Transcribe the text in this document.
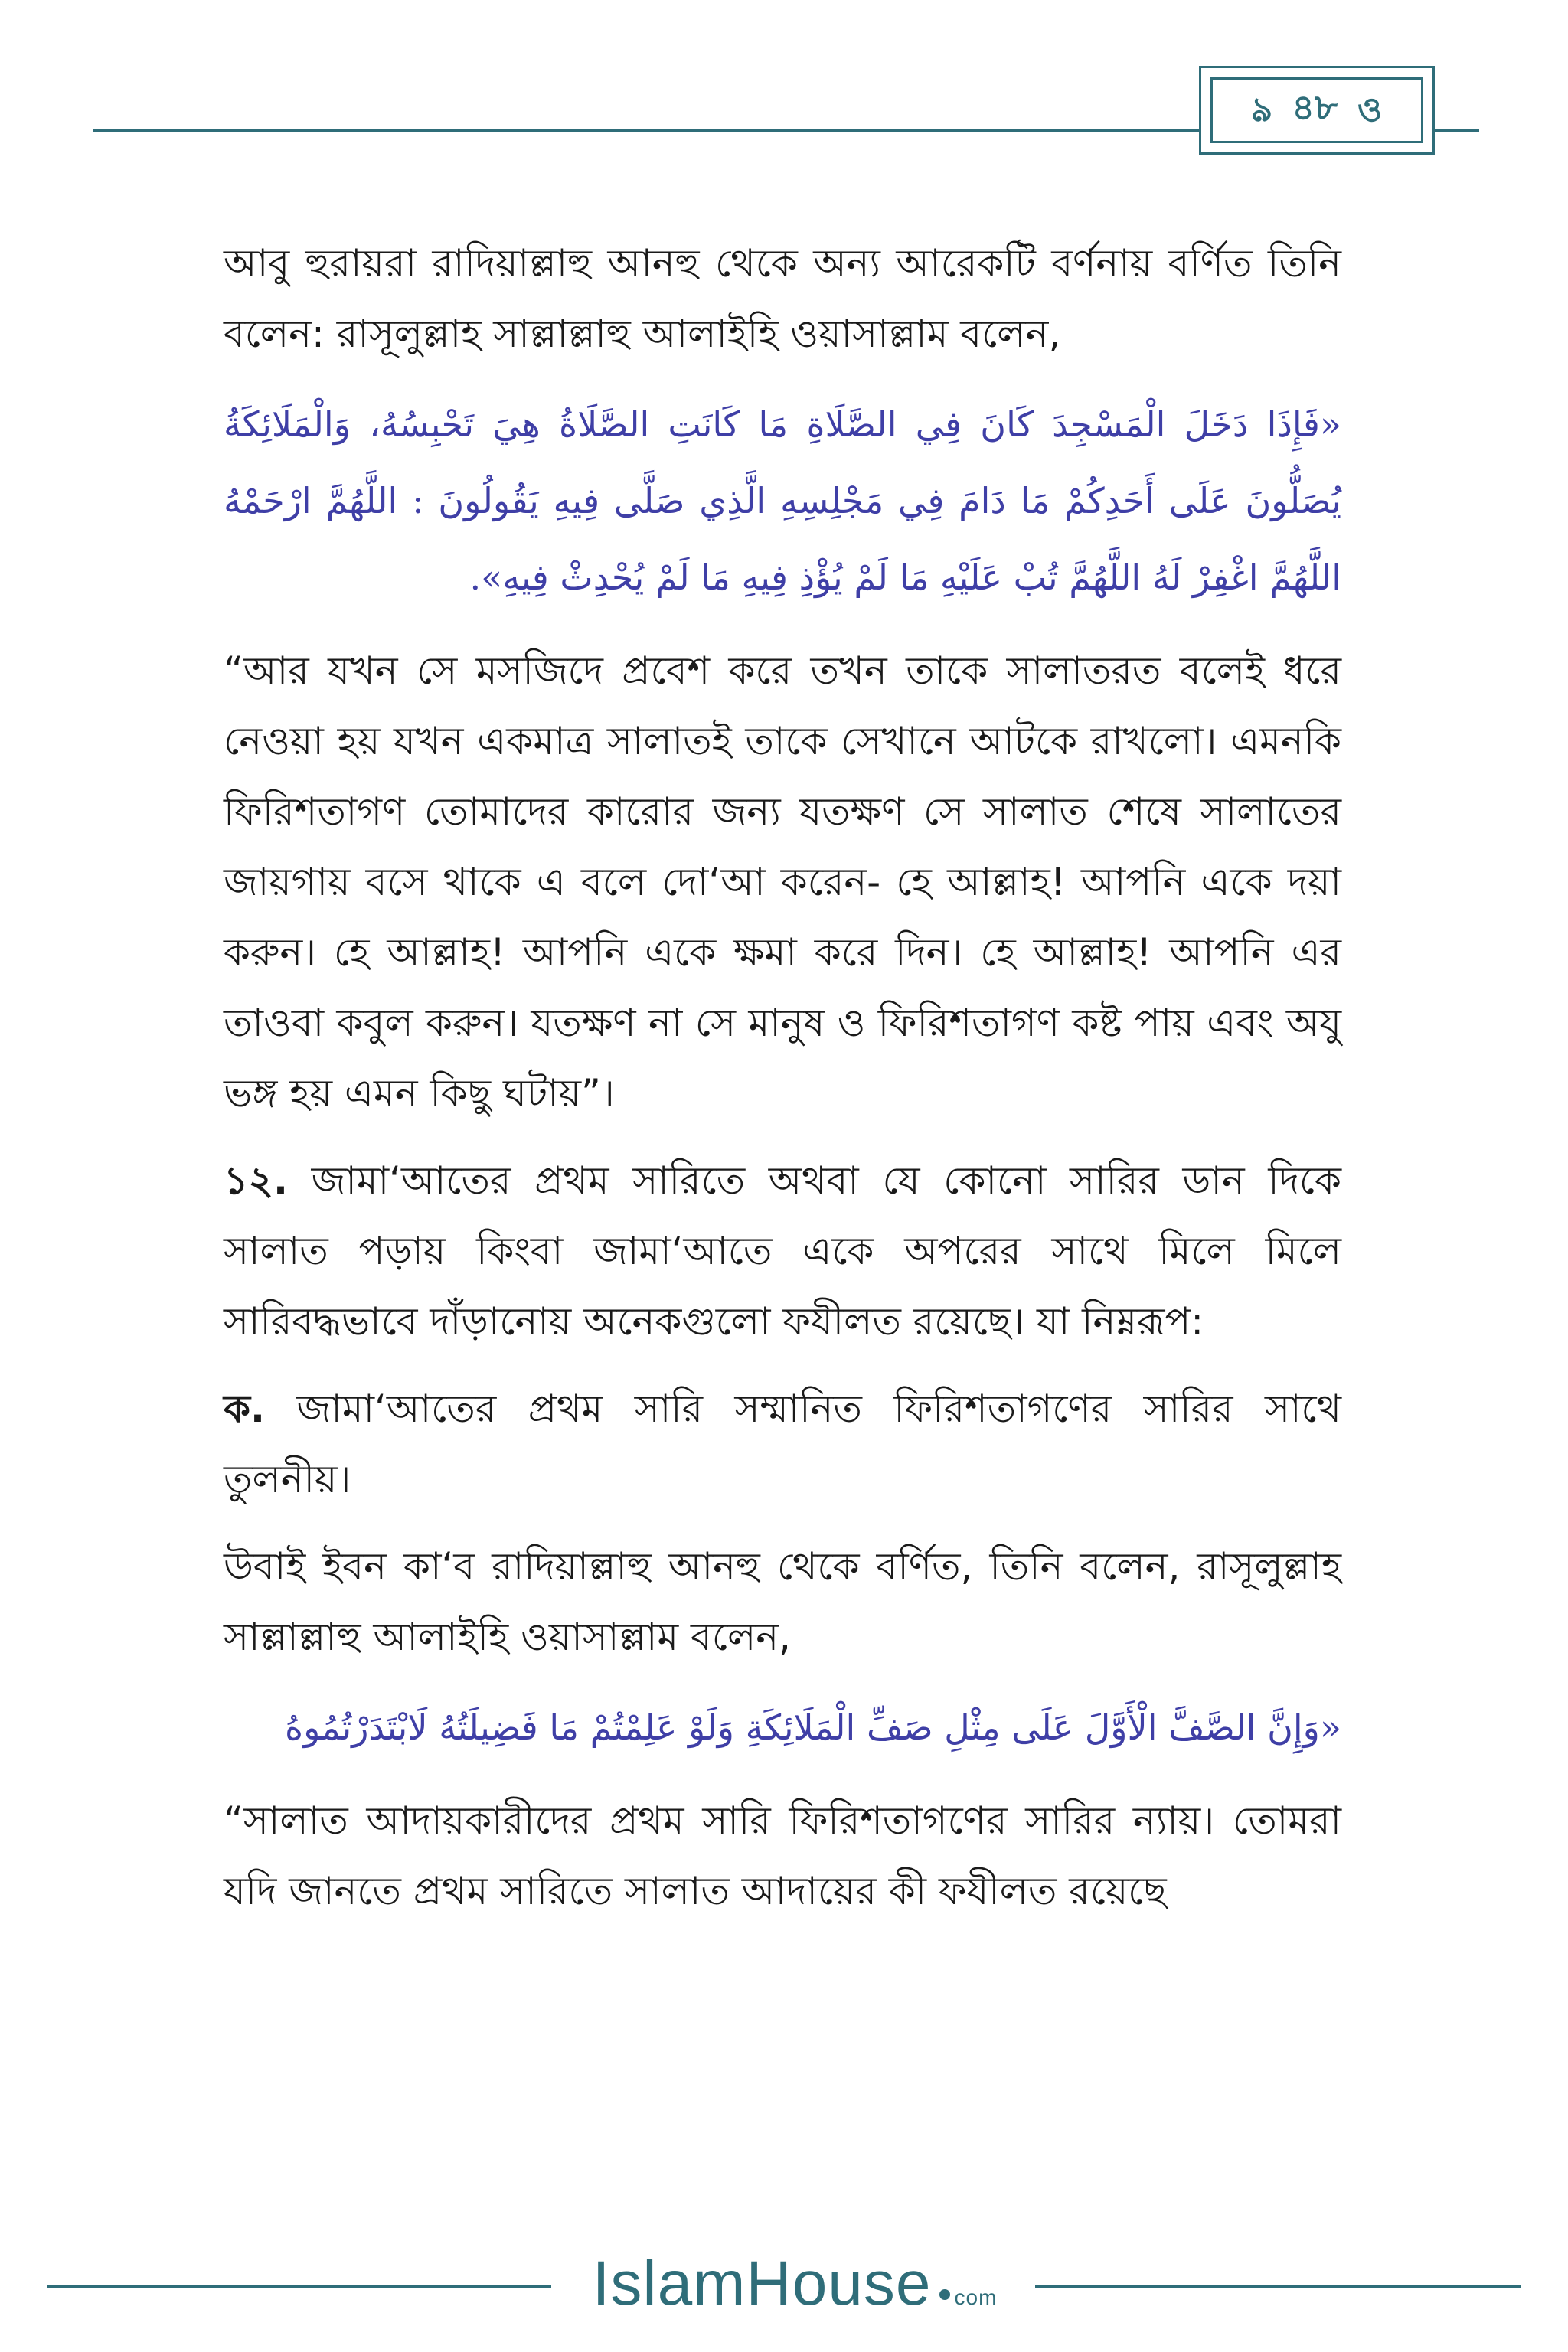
ঌ ৪৮ ও

আবু হুরায়রা রাদিয়াল্লাহু আনহু থেকে অন্য আরেকটি বর্ণনায় বর্ণিত তিনি বলেন: রাসূলুল্লাহ সাল্লাল্লাহু আলাইহি ওয়াসাল্লাম বলেন,

«فَإِذَا دَخَلَ الْمَسْجِدَ كَانَ فِي الصَّلَاةِ مَا كَانَتِ الصَّلَاةُ هِيَ تَحْبِسُهُ، وَالْمَلَائِكَةُ يُصَلُّونَ عَلَى أَحَدِكُمْ مَا دَامَ فِي مَجْلِسِهِ الَّذِي صَلَّى فِيهِ يَقُولُونَ : اللَّهُمَّ ارْحَمْهُ اللَّهُمَّ اغْفِرْ لَهُ اللَّهُمَّ تُبْ عَلَيْهِ مَا لَمْ يُؤْذِ فِيهِ مَا لَمْ يُحْدِثْ فِيهِ».

“আর যখন সে মসজিদে প্রবেশ করে তখন তাকে সালাতরত বলেই ধরে নেওয়া হয় যখন একমাত্র সালাতই তাকে সেখানে আটকে রাখলো। এমনকি ফিরিশতাগণ তোমাদের কারোর জন্য যতক্ষণ সে সালাত শেষে সালাতের জায়গায় বসে থাকে এ বলে দো‘আ করেন- হে আল্লাহ! আপনি একে দয়া করুন। হে আল্লাহ! আপনি একে ক্ষমা করে দিন। হে আল্লাহ! আপনি এর তাওবা কবুল করুন। যতক্ষণ না সে মানুষ ও ফিরিশতাগণ কষ্ট পায় এবং অযু ভঙ্গ হয় এমন কিছু ঘটায়”।

১২. জামা‘আতের প্রথম সারিতে অথবা যে কোনো সারির ডান দিকে সালাত পড়ায় কিংবা জামা‘আতে একে অপরের সাথে মিলে মিলে সারিবদ্ধভাবে দাঁড়ানোয় অনেকগুলো ফযীলত রয়েছে। যা নিম্নরূপ:

ক. জামা‘আতের প্রথম সারি সম্মানিত ফিরিশতাগণের সারির সাথে তুলনীয়।

উবাই ইবন কা‘ব রাদিয়াল্লাহু আনহু থেকে বর্ণিত, তিনি বলেন, রাসূলুল্লাহ সাল্লাল্লাহু আলাইহি ওয়াসাল্লাম বলেন,

«وَإِنَّ الصَّفَّ الْأَوَّلَ عَلَى مِثْلِ صَفِّ الْمَلَائِكَةِ وَلَوْ عَلِمْتُمْ مَا فَضِيلَتُهُ لَابْتَدَرْتُمُوهُ

“সালাত আদায়কারীদের প্রথম সারি ফিরিশতাগণের সারির ন্যায়। তোমরা যদি জানতে প্রথম সারিতে সালাত আদায়ের কী ফযীলত রয়েছে

IslamHouse com
